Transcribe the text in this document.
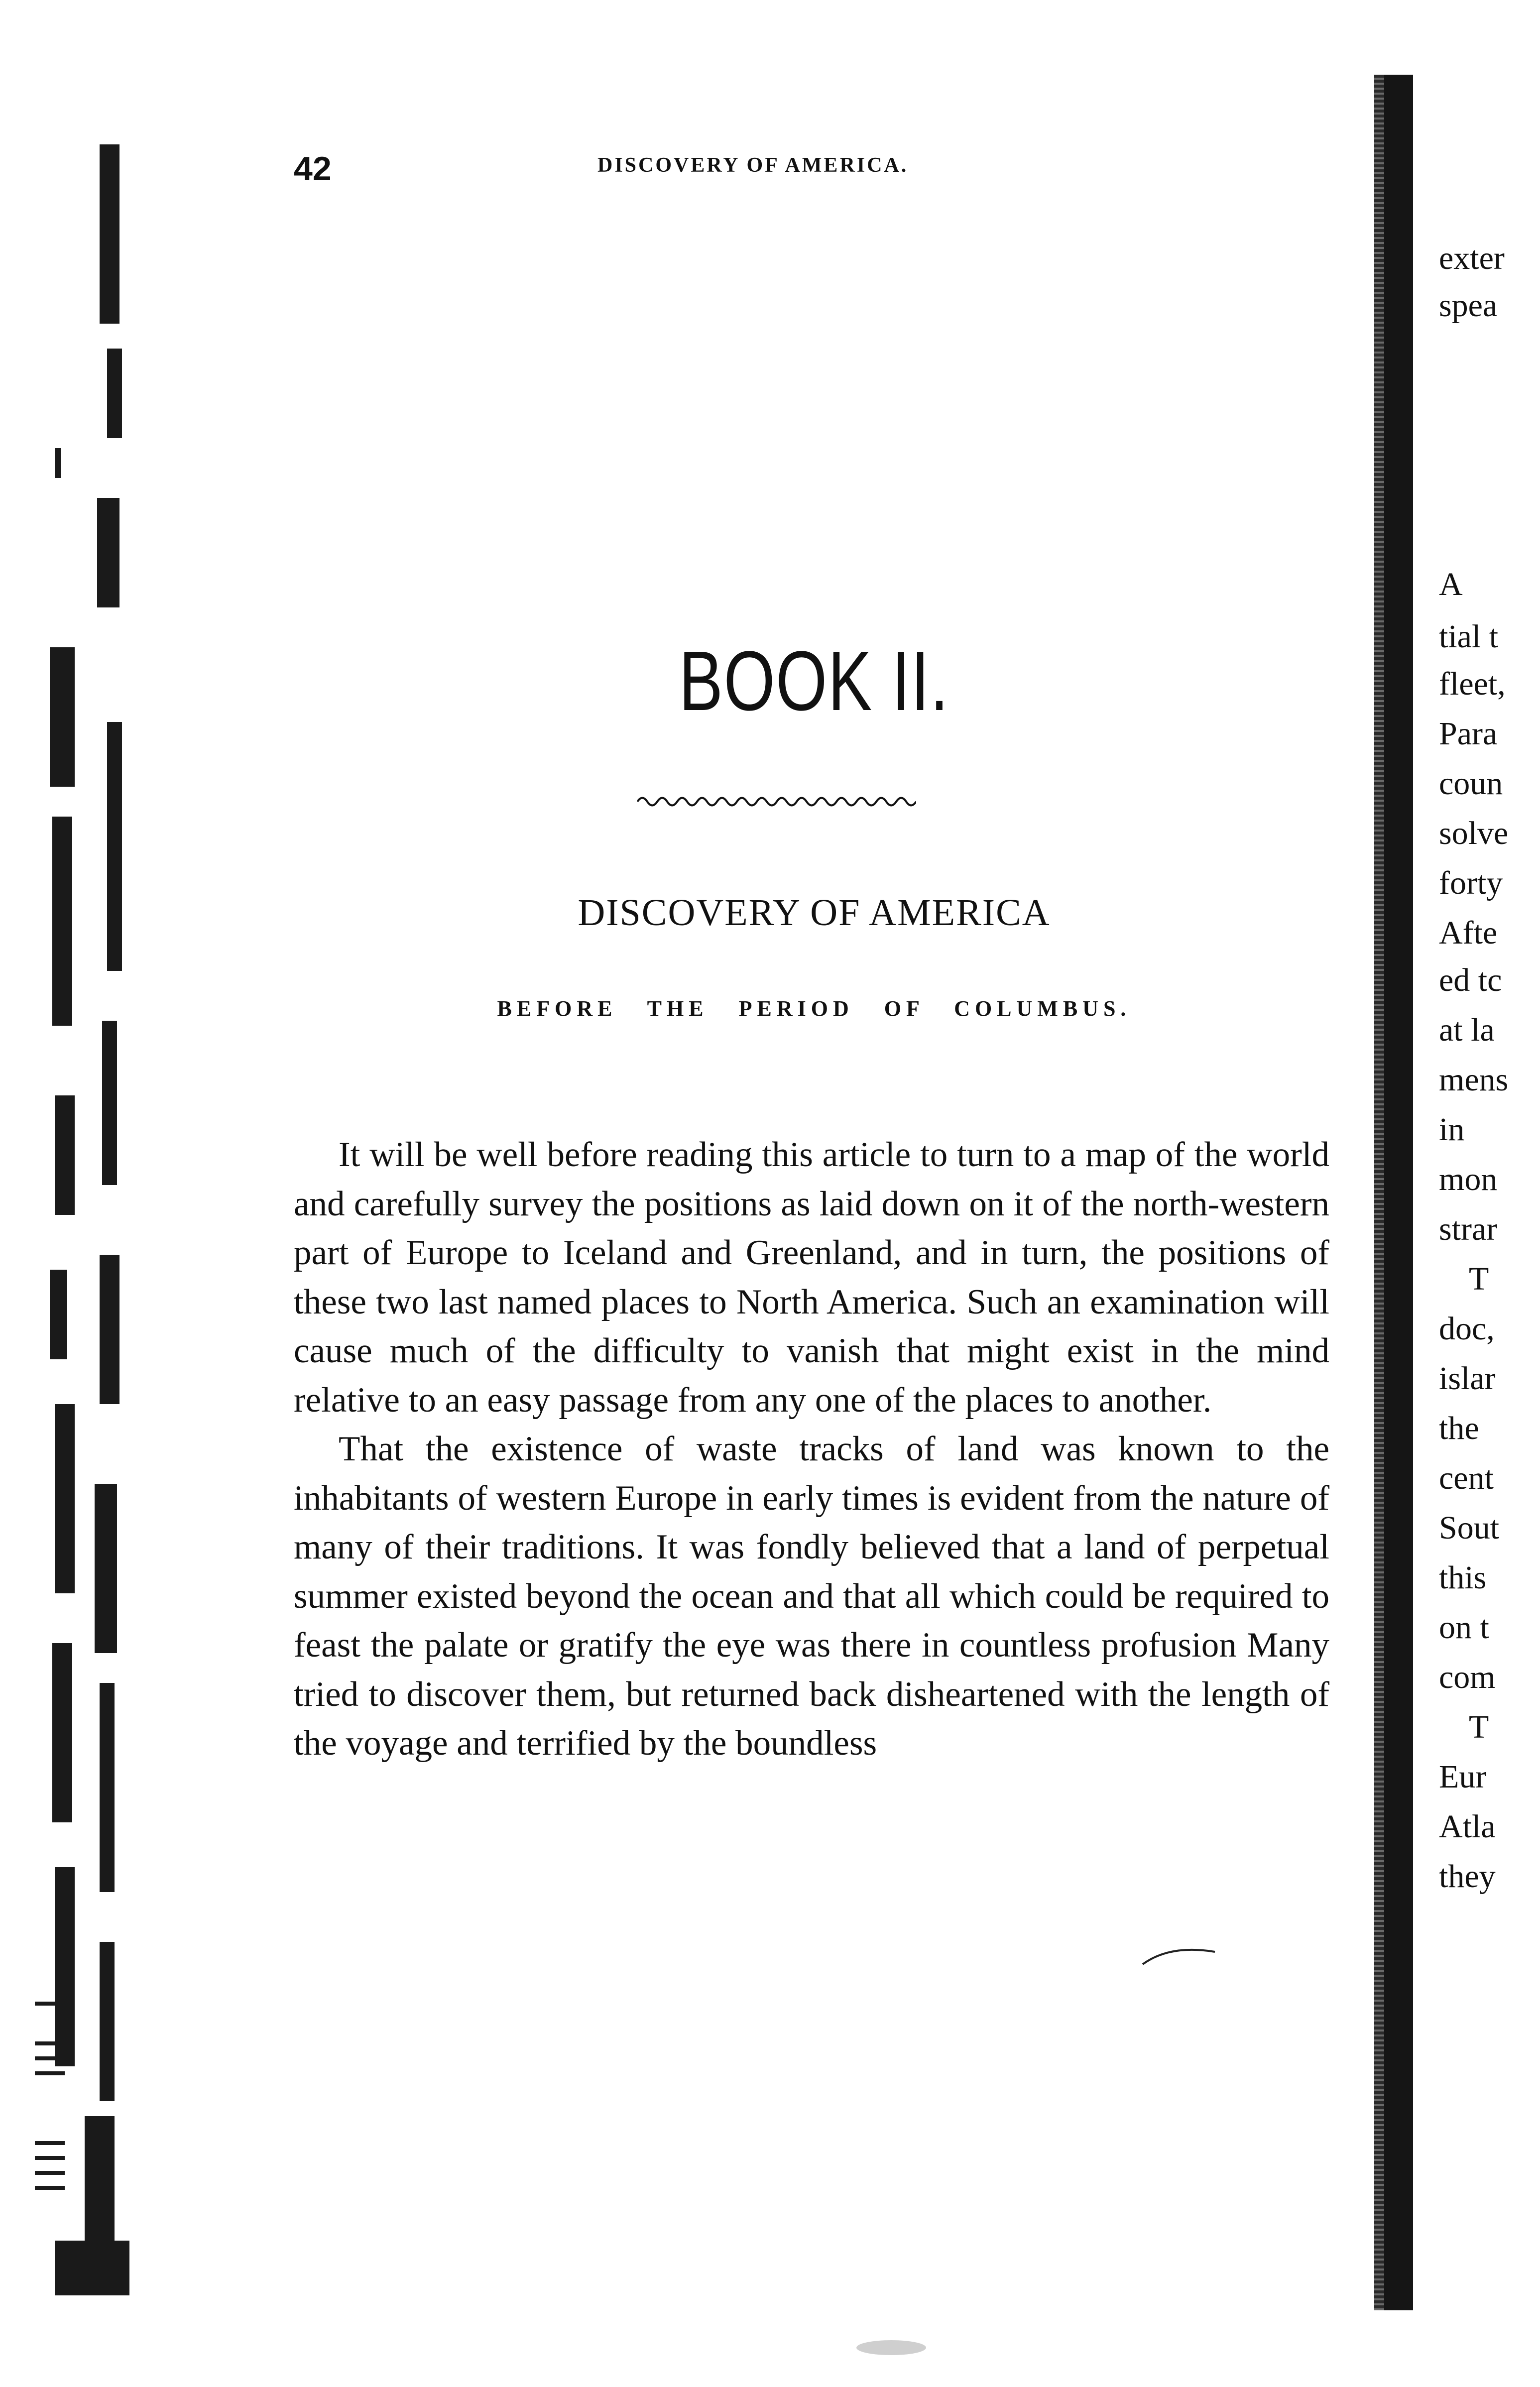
42	DISCOVERY OF AMERICA.
BOOK II.
DISCOVERY OF AMERICA
BEFORE THE PERIOD OF COLUMBUS.

It will be well before reading this article to turn to a map of the world and carefully survey the positions as laid down on it of the north-western part of Europe to Iceland and Greenland, and in turn, the positions of these two last named places to North America. Such an examination will cause much of the difficulty to vanish that might exist in the mind relative to an easy passage from any one of the places to another.

That the existence of waste tracks of land was known to the inhabitants of western Europe in early times is evident from the nature of many of their traditions. It was fondly believed that a land of perpetual summer existed beyond the ocean and that all which could be required to feast the palate or gratify the eye was there in countless profusion Many tried to discover them, but returned back disheartened with the length of the voyage and terrified by the boundless

exter
spea
A
tial t
fleet,
Para
coun
solve
forty
Afte
ed tc
at la
mens
in
mon
strar
T
doc,
islar
the
cent
Sout
this
on t
com
T
Eur
Atla
they
